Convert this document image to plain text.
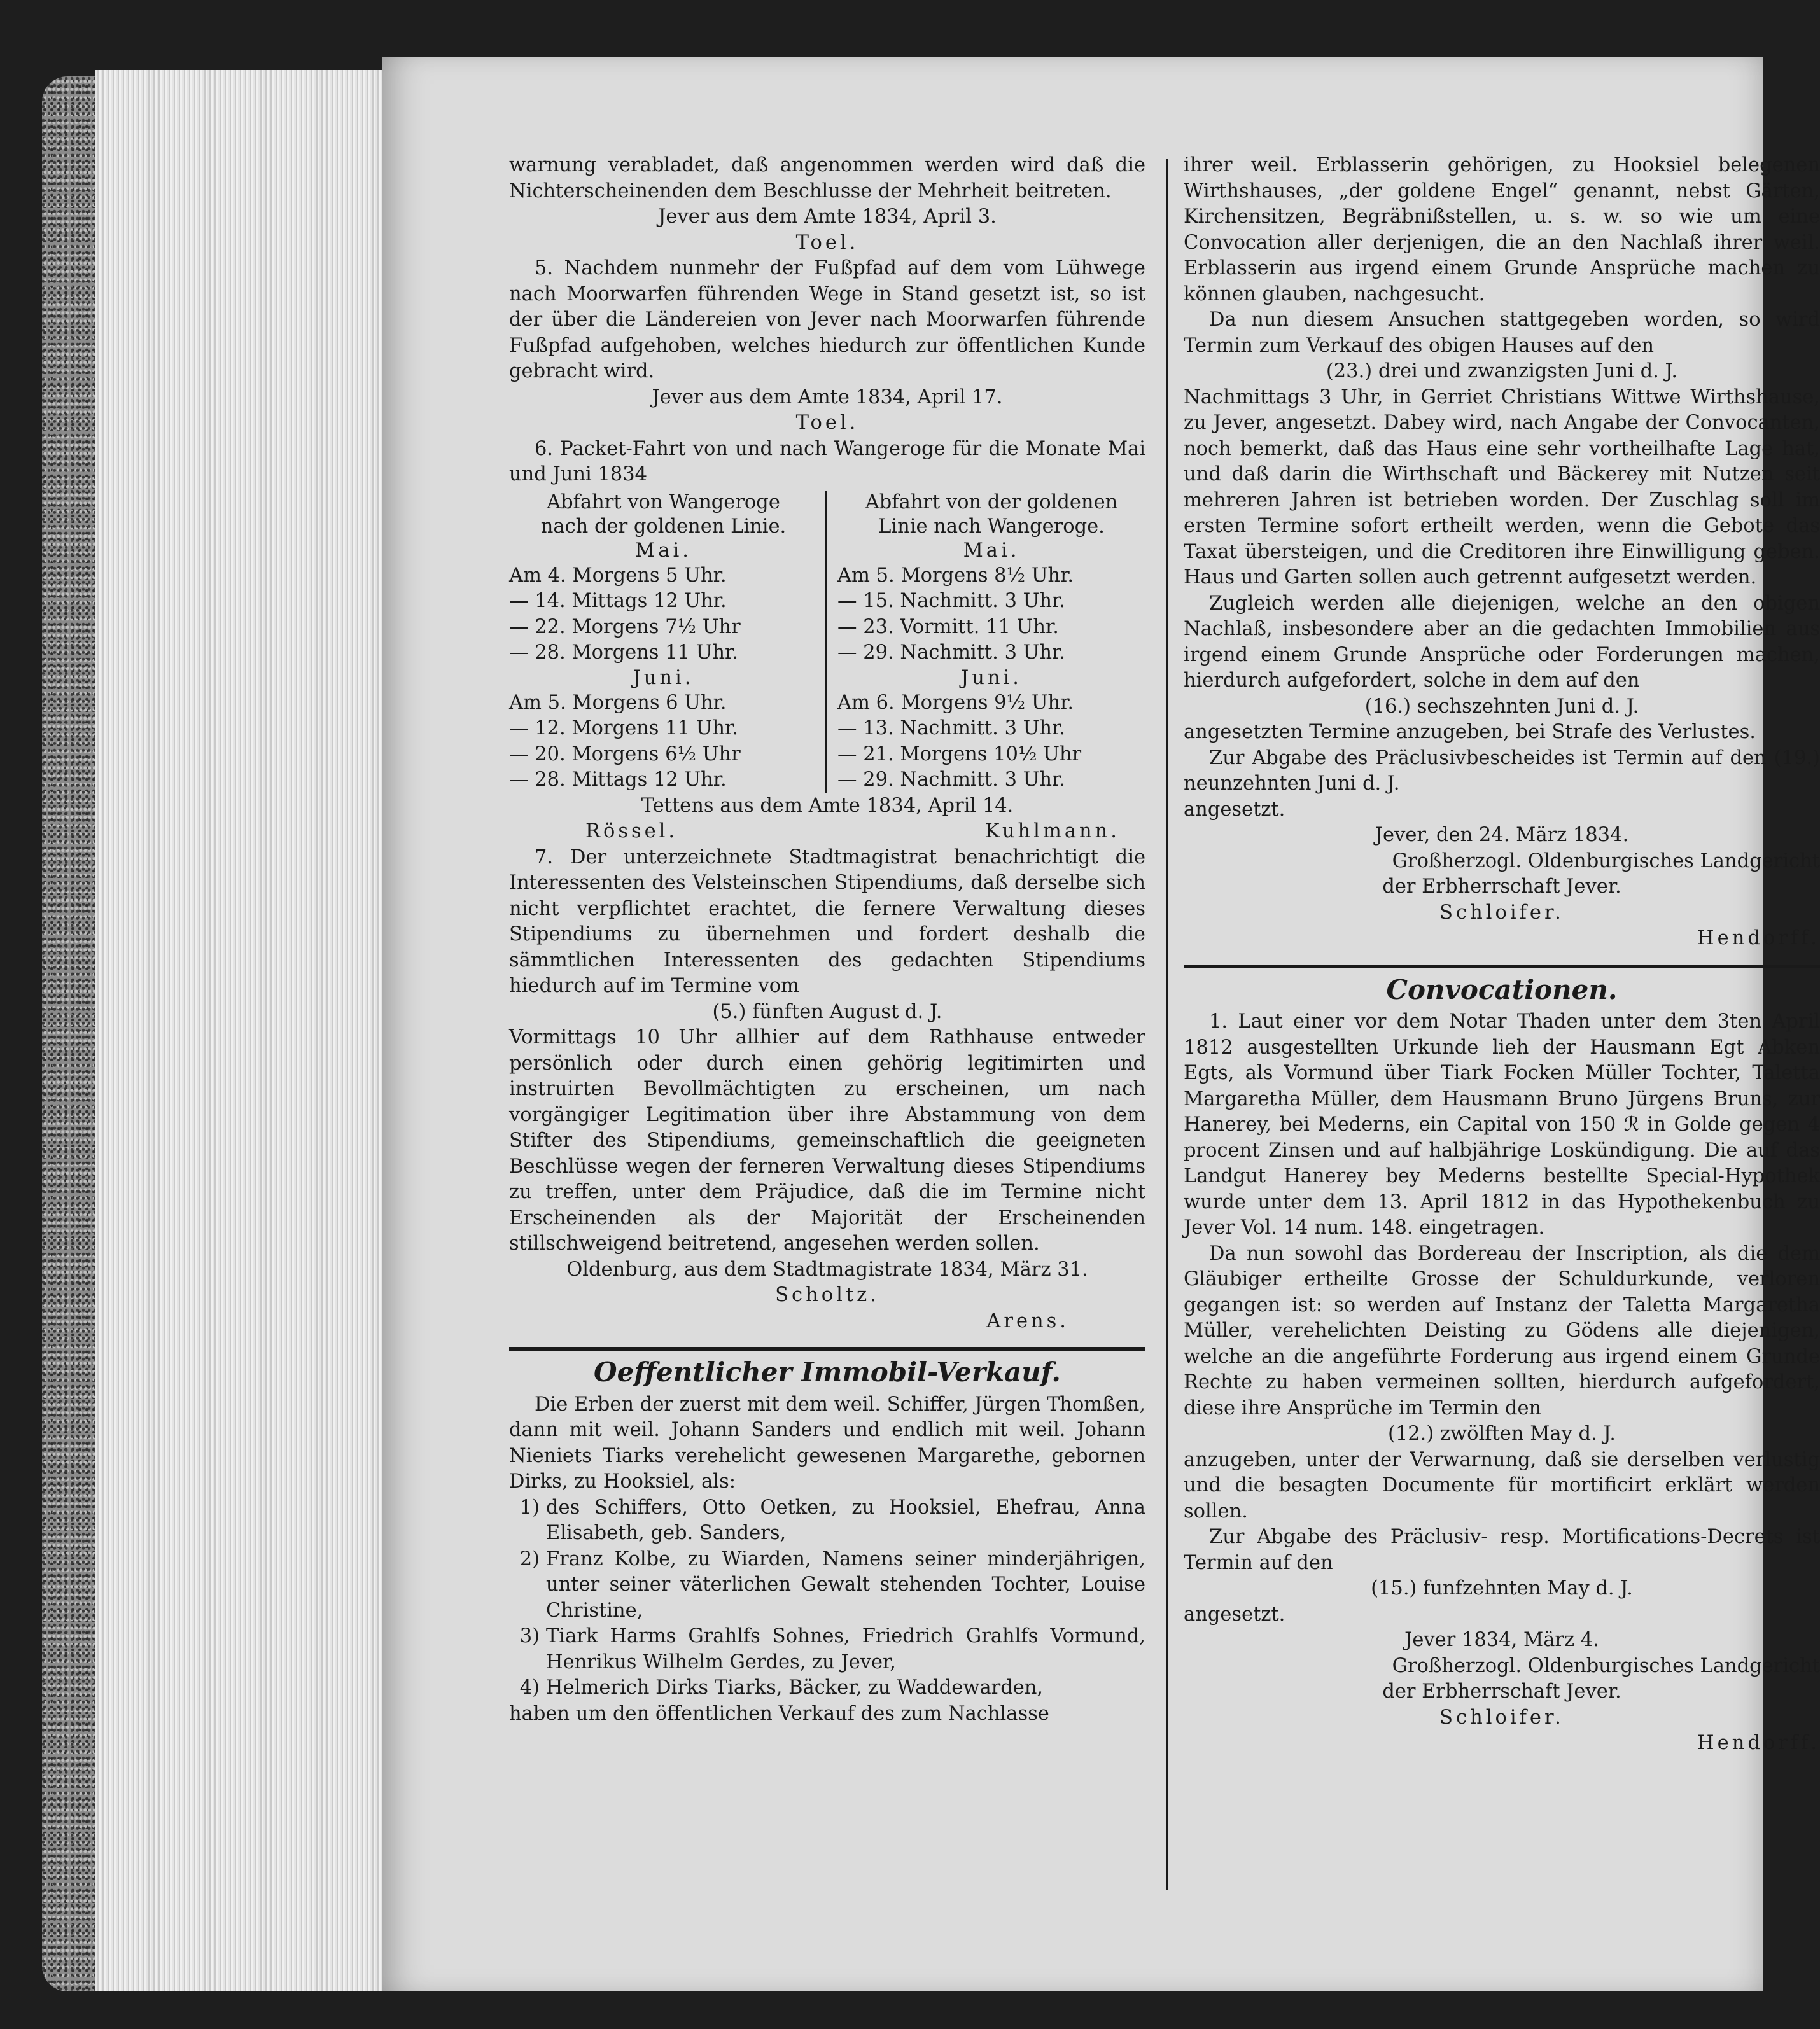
warnung verabladet, daß angenommen werden wird daß die Nichterscheinenden dem Beschlusse der Mehrheit beitreten.

Jever aus dem Amte 1834, April 3.

Toel.

5. Nachdem nunmehr der Fußpfad auf dem vom Lühwege nach Moorwarfen führenden Wege in Stand gesetzt ist, so ist der über die Ländereien von Jever nach Moorwarfen führende Fußpfad aufgehoben, welches hiedurch zur öffentlichen Kunde gebracht wird.

Jever aus dem Amte 1834, April 17.

Toel.

6. Packet-Fahrt von und nach Wangeroge für die Monate Mai und Juni 1834

Abfahrt von Wangeroge
nach der goldenen Linie.
Mai.
Am 4. Morgens 5 Uhr.
— 14. Mittags 12 Uhr.
— 22. Morgens 7½ Uhr
— 28. Morgens 11 Uhr.
Juni.
Am 5. Morgens 6 Uhr.
— 12. Morgens 11 Uhr.
— 20. Morgens 6½ Uhr
— 28. Mittags 12 Uhr.
Abfahrt von der goldenen
Linie nach Wangeroge.
Mai.
Am 5. Morgens 8½ Uhr.
— 15. Nachmitt. 3 Uhr.
— 23. Vormitt. 11 Uhr.
— 29. Nachmitt. 3 Uhr.
Juni.
Am 6. Morgens 9½ Uhr.
— 13. Nachmitt. 3 Uhr.
— 21. Morgens 10½ Uhr
— 29. Nachmitt. 3 Uhr.

Tettens aus dem Amte 1834, April 14.

Rössel.	Kuhlmann.

7. Der unterzeichnete Stadtmagistrat benachrichtigt die Interessenten des Velsteinschen Stipendiums, daß derselbe sich nicht verpflichtet erachtet, die fernere Verwaltung dieses Stipendiums zu übernehmen und fordert deshalb die sämmtlichen Interessenten des gedachten Stipendiums hiedurch auf im Termine vom

(5.) fünften August d. J.

Vormittags 10 Uhr allhier auf dem Rathhause entweder persönlich oder durch einen gehörig legitimirten und instruirten Bevollmächtigten zu erscheinen, um nach vorgängiger Legitimation über ihre Abstammung von dem Stifter des Stipendiums, gemeinschaftlich die geeigneten Beschlüsse wegen der ferneren Verwaltung dieses Stipendiums zu treffen, unter dem Präjudice, daß die im Termine nicht Erscheinenden als der Majorität der Erscheinenden stillschweigend beitretend, angesehen werden sollen.

Oldenburg, aus dem Stadtmagistrate 1834, März 31.

Scholtz.

Arens.

Oeffentlicher Immobil-Verkauf.

Die Erben der zuerst mit dem weil. Schiffer, Jürgen Thomßen, dann mit weil. Johann Sanders und endlich mit weil. Johann Nieniets Tiarks verehelicht gewesenen Margarethe, gebornen Dirks, zu Hooksiel, als:

1) des Schiffers, Otto Oetken, zu Hooksiel, Ehefrau, Anna Elisabeth, geb. Sanders,
2) Franz Kolbe, zu Wiarden, Namens seiner minderjährigen, unter seiner väterlichen Gewalt stehenden Tochter, Louise Christine,
3) Tiark Harms Grahlfs Sohnes, Friedrich Grahlfs Vormund, Henrikus Wilhelm Gerdes, zu Jever,
4) Helmerich Dirks Tiarks, Bäcker, zu Waddewarden,

haben um den öffentlichen Verkauf des zum Nachlasse

ihrer weil. Erblasserin gehörigen, zu Hooksiel belegenen Wirthshauses, „der goldene Engel“ genannt, nebst Gärten, Kirchensitzen, Begräbnißstellen, u. s. w. so wie um eine Convocation aller derjenigen, die an den Nachlaß ihrer weil. Erblasserin aus irgend einem Grunde Ansprüche machen zu können glauben, nachgesucht.

Da nun diesem Ansuchen stattgegeben worden, so wird Termin zum Verkauf des obigen Hauses auf den

(23.) drei und zwanzigsten Juni d. J.

Nachmittags 3 Uhr, in Gerriet Christians Wittwe Wirthshause, zu Jever, angesetzt. Dabey wird, nach Angabe der Convocanten, noch bemerkt, daß das Haus eine sehr vortheilhafte Lage hat, und daß darin die Wirthschaft und Bäckerey mit Nutzen seit mehreren Jahren ist betrieben worden. Der Zuschlag soll im ersten Termine sofort ertheilt werden, wenn die Gebote das Taxat übersteigen, und die Creditoren ihre Einwilligung geben. Haus und Garten sollen auch getrennt aufgesetzt werden.

Zugleich werden alle diejenigen, welche an den obigen Nachlaß, insbesondere aber an die gedachten Immobilien aus irgend einem Grunde Ansprüche oder Forderungen machen, hierdurch aufgefordert, solche in dem auf den

(16.) sechszehnten Juni d. J.

angesetzten Termine anzugeben, bei Strafe des Verlustes.

Zur Abgabe des Präclusivbescheides ist Termin auf den (19.) neunzehnten Juni d. J.

angesetzt.

Jever, den 24. März 1834.

Großherzogl. Oldenburgisches Landgericht

der Erbherrschaft Jever.

Schloifer.

Hendorff.

Convocationen.

1. Laut einer vor dem Notar Thaden unter dem 3ten April 1812 ausgestellten Urkunde lieh der Hausmann Egt Abken Egts, als Vormund über Tiark Focken Müller Tochter, Taletta Margaretha Müller, dem Hausmann Bruno Jürgens Bruns, zur Hanerey, bei Mederns, ein Capital von 150 ℛ in Golde gegen 4 procent Zinsen und auf halbjährige Loskündigung. Die auf das Landgut Hanerey bey Mederns bestellte Special-Hypothek wurde unter dem 13. April 1812 in das Hypothekenbuch zu Jever Vol. 14 num. 148. eingetragen.

Da nun sowohl das Bordereau der Inscription, als die dem Gläubiger ertheilte Grosse der Schuldurkunde, verloren gegangen ist: so werden auf Instanz der Taletta Margaretha Müller, verehelichten Deisting zu Gödens alle diejenigen, welche an die angeführte Forderung aus irgend einem Grunde Rechte zu haben vermeinen sollten, hierdurch aufgefordert, diese ihre Ansprüche im Termin den

(12.) zwölften May d. J.

anzugeben, unter der Verwarnung, daß sie derselben verlustig und die besagten Documente für mortificirt erklärt werden sollen.

Zur Abgabe des Präclusiv- resp. Mortifications-Decrets ist Termin auf den

(15.) funfzehnten May d. J.

angesetzt.

Jever 1834, März 4.

Großherzogl. Oldenburgisches Landgericht

der Erbherrschaft Jever.

Schloifer.

Hendorff.
